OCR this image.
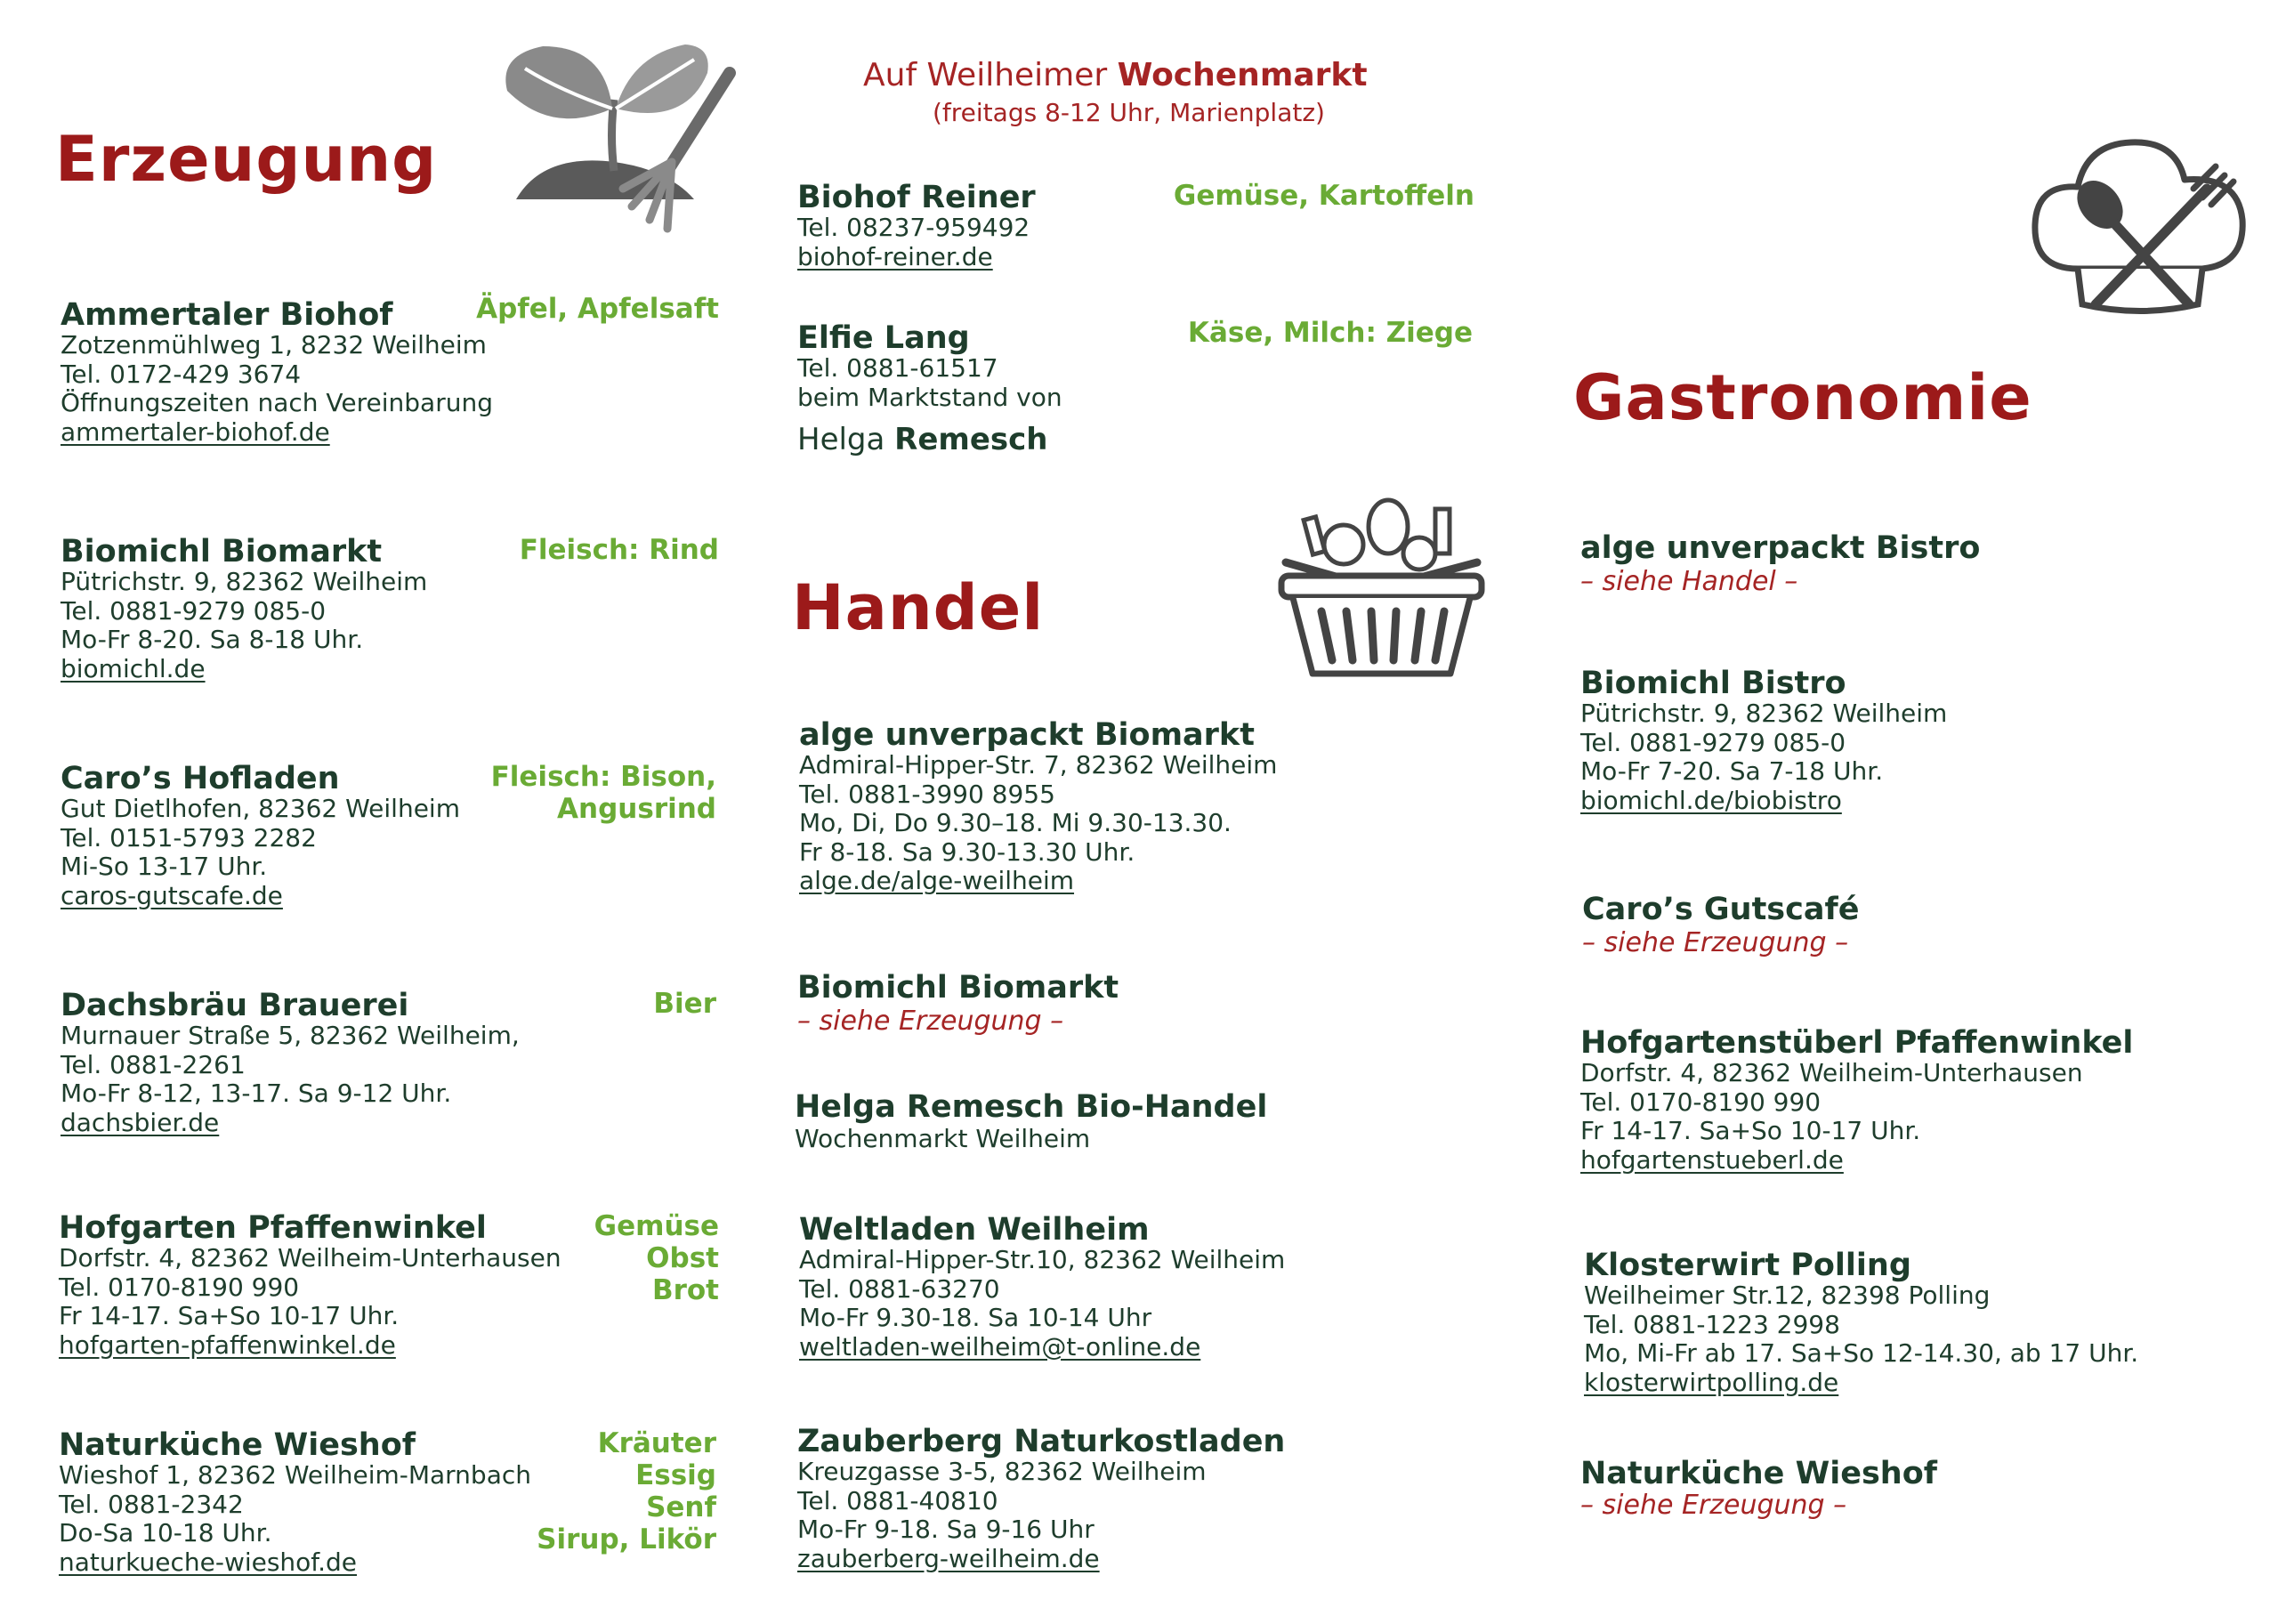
Auf Weilheimer Wochenmarkt
(freitags 8-12 Uhr, Marienplatz)
Erzeugung
Handel
Gastronomie
Ammertaler Biohof	Äpfel, Apfelsaft
Zotzenmühlweg 1, 8232 Weilheim
Tel. 0172-429 3674
Öffnungszeiten nach Vereinbarung
ammertaler-biohof.de
Biomichl Biomarkt	Fleisch: Rind
Pütrichstr. 9, 82362 Weilheim
Tel. 0881-9279 085-0
Mo-Fr 8-20. Sa 8-18 Uhr.
biomichl.de
Caro’s Hofladen	Fleisch: Bison,
Angusrind
Gut Dietlhofen, 82362 Weilheim
Tel. 0151-5793 2282
Mi-So 13-17 Uhr.
caros-gutscafe.de
Dachsbräu Brauerei	Bier
Murnauer Straße 5, 82362 Weilheim,
Tel. 0881-2261
Mo-Fr 8-12, 13-17. Sa 9-12 Uhr.
dachsbier.de
Hofgarten Pfaffenwinkel	Gemüse
Obst
Brot
Dorfstr. 4, 82362 Weilheim-Unterhausen
Tel. 0170-8190 990
Fr 14-17. Sa+So 10-17 Uhr.
hofgarten-pfaffenwinkel.de
Naturküche Wieshof	Kräuter
Essig
Senf
Sirup, Likör
Wieshof 1, 82362 Weilheim-Marnbach
Tel. 0881-2342
Do-Sa 10-18 Uhr.
naturkueche-wieshof.de
Biohof Reiner	Gemüse, Kartoffeln
Tel. 08237-959492
biohof-reiner.de
Elfie Lang	Käse, Milch: Ziege
Tel. 0881-61517
beim Marktstand von
Helga Remesch
alge unverpackt Biomarkt
Admiral-Hipper-Str. 7, 82362 Weilheim
Tel. 0881-3990 8955
Mo, Di, Do 9.30–18. Mi 9.30-13.30.
Fr 8-18. Sa 9.30-13.30 Uhr.
alge.de/alge-weilheim
Biomichl Biomarkt
– siehe Erzeugung –
Helga Remesch Bio-Handel
Wochenmarkt Weilheim
Weltladen Weilheim
Admiral-Hipper-Str.10, 82362 Weilheim
Tel. 0881-63270
Mo-Fr 9.30-18. Sa 10-14 Uhr
weltladen-weilheim@t-online.de
Zauberberg Naturkostladen
Kreuzgasse 3-5, 82362 Weilheim
Tel. 0881-40810
Mo-Fr 9-18. Sa 9-16 Uhr
zauberberg-weilheim.de
alge unverpackt Bistro
– siehe Handel –
Biomichl Bistro
Pütrichstr. 9, 82362 Weilheim
Tel. 0881-9279 085-0
Mo-Fr 7-20. Sa 7-18 Uhr.
biomichl.de/biobistro
Caro’s Gutscafé
– siehe Erzeugung –
Hofgartenstüberl Pfaffenwinkel
Dorfstr. 4, 82362 Weilheim-Unterhausen
Tel. 0170-8190 990
Fr 14-17. Sa+So 10-17 Uhr.
hofgartenstueberl.de
Klosterwirt Polling
Weilheimer Str.12, 82398 Polling
Tel. 0881-1223 2998
Mo, Mi-Fr ab 17. Sa+So 12-14.30, ab 17 Uhr.
klosterwirtpolling.de
Naturküche Wieshof
– siehe Erzeugung –
